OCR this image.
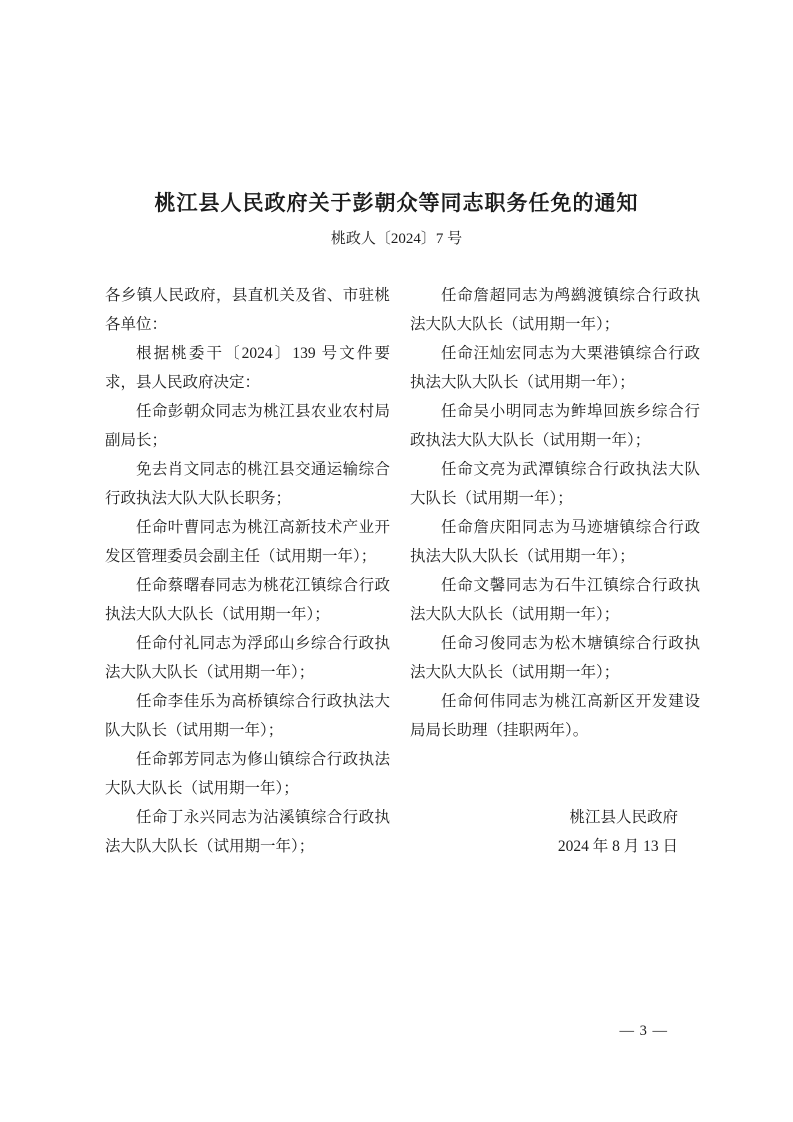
桃江县人民政府关于彭朝众等同志职务任免的通知
桃政人〔2024〕7 号

各乡镇人民政府，县直机关及省、市驻桃各单位：

根据桃委干〔2024〕139 号文件要求，县人民政府决定：

任命彭朝众同志为桃江县农业农村局副局长；

免去肖文同志的桃江县交通运输综合行政执法大队大队长职务；

任命叶曹同志为桃江高新技术产业开发区管理委员会副主任（试用期一年）；

任命蔡曙春同志为桃花江镇综合行政执法大队大队长（试用期一年）；

任命付礼同志为浮邱山乡综合行政执法大队大队长（试用期一年）；

任命李佳乐为高桥镇综合行政执法大队大队长（试用期一年）；

任命郭芳同志为修山镇综合行政执法大队大队长（试用期一年）；

任命丁永兴同志为沾溪镇综合行政执法大队大队长（试用期一年）；

任命詹超同志为鸬鹚渡镇综合行政执法大队大队长（试用期一年）；

任命汪灿宏同志为大栗港镇综合行政执法大队大队长（试用期一年）；

任命吴小明同志为鲊埠回族乡综合行政执法大队大队长（试用期一年）；

任命文亮为武潭镇综合行政执法大队大队长（试用期一年）；

任命詹庆阳同志为马迹塘镇综合行政执法大队大队长（试用期一年）；

任命文馨同志为石牛江镇综合行政执法大队大队长（试用期一年）；

任命习俊同志为松木塘镇综合行政执法大队大队长（试用期一年）；

任命何伟同志为桃江高新区开发建设局局长助理（挂职两年）。

桃江县人民政府
2024 年 8 月 13 日
— 3 —
